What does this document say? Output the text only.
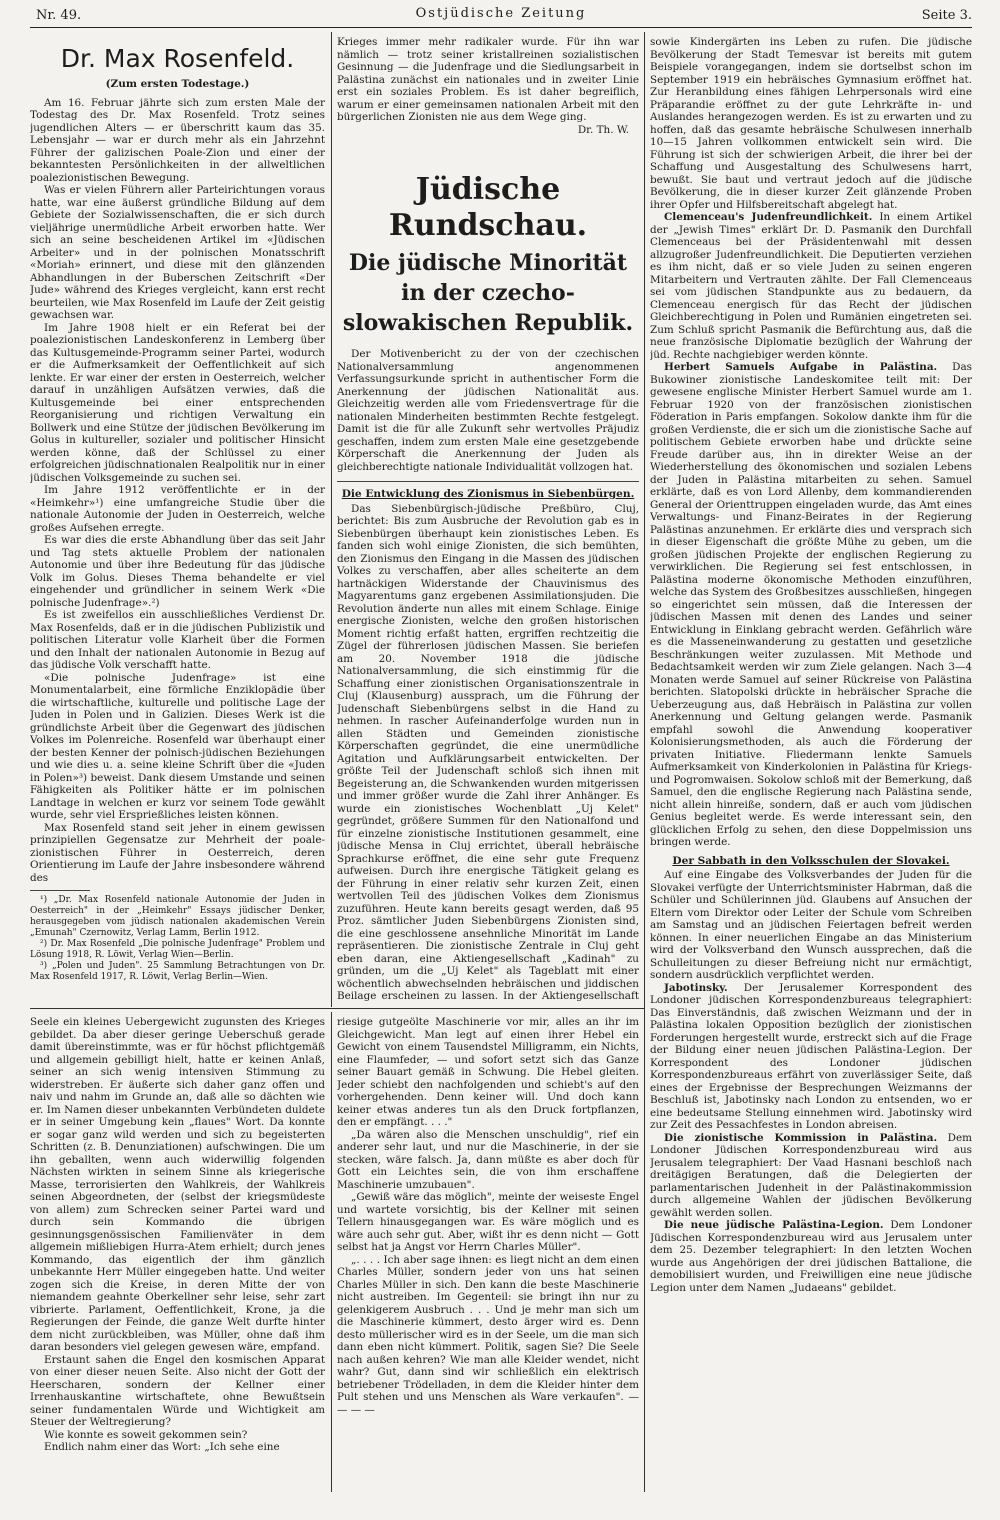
Nr. 49.	Ostjüdische Zeitung	Seite 3.
Dr. Max Rosenfeld.
(Zum ersten Todestage.)

Am 16. Februar jährte sich zum ersten Male der Todestag des Dr. Max Rosenfeld. Trotz seines jugendlichen Alters — er überschritt kaum das 35. Lebensjahr — war er durch mehr als ein Jahrzehnt Führer der galizischen Poale-Zion und einer der bekanntesten Persönlichkeiten in der allweltlichen poalezionistischen Bewegung.

Was er vielen Führern aller Parteirichtungen voraus hatte, war eine äußerst gründliche Bildung auf dem Gebiete der Sozialwissenschaften, die er sich durch vieljährige unermüdliche Arbeit erworben hatte. Wer sich an seine bescheidenen Artikel im «Jüdischen Arbeiter» und in der polnischen Monatsschrift «Moriah» erinnert, und diese mit den glänzenden Abhandlungen in der Buberschen Zeitschrift «Der Jude» während des Krieges vergleicht, kann erst recht beurteilen, wie Max Rosenfeld im Laufe der Zeit geistig gewachsen war.

Im Jahre 1908 hielt er ein Referat bei der poalezionistischen Landeskonferenz in Lemberg über das Kultusgemeinde-Programm seiner Partei, wodurch er die Aufmerksamkeit der Oeffentlichkeit auf sich lenkte. Er war einer der ersten in Oesterreich, welcher darauf in unzähligen Aufsätzen verwies, daß die Kultusgemeinde bei einer entsprechenden Reorganisierung und richtigen Verwaltung ein Bollwerk und eine Stütze der jüdischen Bevölkerung im Golus in kultureller, sozialer und politischer Hinsicht werden könne, daß der Schlüssel zu einer erfolgreichen jüdischnationalen Realpolitik nur in einer jüdischen Volksgemeinde zu suchen sei.

Im Jahre 1912 veröffentlichte er in der «Heimkehr»¹) eine umfangreiche Studie über die nationale Autonomie der Juden in Oesterreich, welche großes Aufsehen erregte.

Es war dies die erste Abhandlung über das seit Jahr und Tag stets aktuelle Problem der nationalen Autonomie und über ihre Bedeutung für das jüdische Volk im Golus. Dieses Thema behandelte er viel eingehender und gründlicher in seinem Werk «Die polnische Judenfrage».²)

Es ist zweifellos ein ausschließliches Verdienst Dr. Max Rosenfelds, daß er in die jüdischen Publizistik und politischen Literatur volle Klarheit über die Formen und den Inhalt der nationalen Autonomie in Bezug auf das jüdische Volk verschafft hatte.

«Die polnische Judenfrage» ist eine Monumentalarbeit, eine förmliche Enziklopädie über die wirtschaftliche, kulturelle und politische Lage der Juden in Polen und in Galizien. Dieses Werk ist die gründlichste Arbeit über die Gegenwart des jüdischen Volkes im Polenreiche. Rosenfeld war überhaupt einer der besten Kenner der polnisch-jüdischen Beziehungen und wie dies u. a. seine kleine Schrift über die «Juden in Polen»³) beweist. Dank diesem Umstande und seinen Fähigkeiten als Politiker hätte er im polnischen Landtage in welchen er kurz vor seinem Tode gewählt wurde, sehr viel Ersprießliches leisten können.

Max Rosenfeld stand seit jeher in einem gewissen prinzipiellen Gegensatze zur Mehrheit der poale-zionistischen Führer in Oesterreich, deren Orientierung im Laufe der Jahre insbesondere während des

¹) „Dr. Max Rosenfeld nationale Autonomie der Juden in Oesterreich" in der „Heimkehr" Essays jüdischer Denker, herausgegeben vom jüdisch nationalen akademischen Verein „Emunah" Czernowitz, Verlag Lamm, Berlin 1912.

²) Dr. Max Rosenfeld „Die polnische Judenfrage" Problem und Lösung 1918, R. Löwit, Verlag Wien—Berlin.

³) „Polen und Juden". 25 Sammlung Betrachtungen von Dr. Max Rosenfeld 1917, R. Löwit, Verlag Berlin—Wien.

Krieges immer mehr radikaler wurde. Für ihn war nämlich — trotz seiner kristallreinen sozialistischen Gesinnung — die Judenfrage und die Siedlungsarbeit in Palästina zunächst ein nationales und in zweiter Linie erst ein soziales Problem. Es ist daher begreiflich, warum er einer gemeinsamen nationalen Arbeit mit den bürgerlichen Zionisten nie aus dem Wege ging.

Dr. Th. W.
Jüdische Rundschau.
Die jüdische Minorität in der czecho-slowakischen Republik.

Der Motivenbericht zu der von der czechischen Nationalversammlung angenommenen Verfassungsurkunde spricht in authentischer Form die Anerkennung der jüdischen Nationalität aus. Gleichzeitig werden alle vom Friedensvertrage für die nationalen Minderheiten bestimmten Rechte festgelegt. Damit ist die für alle Zukunft sehr wertvolles Präjudiz geschaffen, indem zum ersten Male eine gesetzgebende Körperschaft die Anerkennung der Juden als gleichberechtigte nationale Individualität vollzogen hat.

Die Entwicklung des Zionismus in Siebenbürgen.

Das Siebenbürgisch-jüdische Preßbüro, Cluj, berichtet: Bis zum Ausbruche der Revolution gab es in Siebenbürgen überhaupt kein zionistisches Leben. Es fanden sich wohl einige Zionisten, die sich bemühten, den Zionismus den Eingang in die Massen des jüdischen Volkes zu verschaffen, aber alles scheiterte an dem hartnäckigen Widerstande der Chauvinismus des Magyarentums ganz ergebenen Assimilationsjuden. Die Revolution änderte nun alles mit einem Schlage. Einige energische Zionisten, welche den großen historischen Moment richtig erfaßt hatten, ergriffen rechtzeitig die Zügel der führerlosen jüdischen Massen. Sie beriefen am 20. November 1918 die jüdische Nationalversammlung, die sich einstimmig für die Schaffung einer zionistischen Organisationszentrale in Cluj (Klausenburg) aussprach, um die Führung der Judenschaft Siebenbürgens selbst in die Hand zu nehmen. In rascher Aufeinanderfolge wurden nun in allen Städten und Gemeinden zionistische Körperschaften gegründet, die eine unermüdliche Agitation und Aufklärungsarbeit entwickelten. Der größte Teil der Judenschaft schloß sich ihnen mit Begeisterung an, die Schwankenden wurden mitgerissen und immer größer wurde die Zahl ihrer Anhänger. Es wurde ein zionistisches Wochenblatt „Uj Kelet" gegründet, größere Summen für den Nationalfond und für einzelne zionistische Institutionen gesammelt, eine jüdische Mensa in Cluj errichtet, überall hebräische Sprachkurse eröffnet, die eine sehr gute Frequenz aufweisen. Durch ihre energische Tätigkeit gelang es der Führung in einer relativ sehr kurzen Zeit, einen wertvollen Teil des jüdischen Volkes dem Zionismus zuzuführen. Heute kann bereits gesagt werden, daß 95 Proz. sämtlicher Juden Siebenbürgens Zionisten sind, die eine geschlossene ansehnliche Minorität im Lande repräsentieren. Die zionistische Zentrale in Cluj geht eben daran, eine Aktiengesellschaft „Kadinah" zu gründen, um die „Uj Kelet" als Tageblatt mit einer wöchentlich abwechselnden hebräischen und jiddischen Beilage erscheinen zu lassen. In der Aktiengesellschaft

sowie Kindergärten ins Leben zu rufen. Die jüdische Bevölkerung der Stadt Temesvar ist bereits mit gutem Beispiele vorangegangen, indem sie dortselbst schon im September 1919 ein hebräisches Gymnasium eröffnet hat. Zur Heranbildung eines fähigen Lehrpersonals wird eine Präparandie eröffnet zu der gute Lehrkräfte in- und Auslandes herangezogen werden. Es ist zu erwarten und zu hoffen, daß das gesamte hebräische Schulwesen innerhalb 10—15 Jahren vollkommen entwickelt sein wird. Die Führung ist sich der schwierigen Arbeit, die ihrer bei der Schaffung und Ausgestaltung des Schulwesens harrt, bewußt. Sie baut und vertraut jedoch auf die jüdische Bevölkerung, die in dieser kurzer Zeit glänzende Proben ihrer Opfer und Hilfsbereitschaft abgelegt hat.

Clemenceau's Judenfreundlichkeit. In einem Artikel der „Jewish Times" erklärt Dr. D. Pasmanik den Durchfall Clemenceaus bei der Präsidentenwahl mit dessen allzugroßer Judenfreundlichkeit. Die Deputierten verziehen es ihm nicht, daß er so viele Juden zu seinen engeren Mitarbeitern und Vertrauten zählte. Der Fall Clemenceaus sei vom jüdischen Standpunkte aus zu bedauern, da Clemenceau energisch für das Recht der jüdischen Gleichberechtigung in Polen und Rumänien eingetreten sei. Zum Schluß spricht Pasmanik die Befürchtung aus, daß die neue französische Diplomatie bezüglich der Wahrung der jüd. Rechte nachgiebiger werden könnte.

Herbert Samuels Aufgabe in Palästina. Das Bukowiner zionistische Landeskomitee teilt mit: Der gewesene englische Minister Herbert Samuel wurde am 1. Februar 1920 von der französischen zionistischen Föderation in Paris empfangen. Sokolow dankte ihm für die großen Verdienste, die er sich um die zionistische Sache auf politischem Gebiete erworben habe und drückte seine Freude darüber aus, ihn in direkter Weise an der Wiederherstellung des ökonomischen und sozialen Lebens der Juden in Palästina mitarbeiten zu sehen. Samuel erklärte, daß es von Lord Allenby, dem kommandierenden General der Orienttruppen eingeladen wurde, das Amt eines Verwaltungs- und Finanz-Beirates in der Regierung Palästinas anzunehmen. Er erklärte dies und versprach sich in dieser Eigenschaft die größte Mühe zu geben, um die großen jüdischen Projekte der englischen Regierung zu verwirklichen. Die Regierung sei fest entschlossen, in Palästina moderne ökonomische Methoden einzuführen, welche das System des Großbesitzes ausschließen, hingegen so eingerichtet sein müssen, daß die Interessen der jüdischen Massen mit denen des Landes und seiner Entwicklung in Einklang gebracht werden. Gefährlich wäre es die Masseneinwanderung zu gestatten und gesetzliche Beschränkungen weiter zuzulassen. Mit Methode und Bedachtsamkeit werden wir zum Ziele gelangen. Nach 3—4 Monaten werde Samuel auf seiner Rückreise von Palästina berichten. Slatopolski drückte in hebräischer Sprache die Ueberzeugung aus, daß Hebräisch in Palästina zur vollen Anerkennung und Geltung gelangen werde. Pasmanik empfahl sowohl die Anwendung kooperativer Kolonisierungsmethoden, als auch die Förderung der privaten Initiative. Fliedermann lenkte Samuels Aufmerksamkeit von Kinderkolonien in Palästina für Kriegs- und Pogromwaisen. Sokolow schloß mit der Bemerkung, daß Samuel, den die englische Regierung nach Palästina sende, nicht allein hinreiße, sondern, daß er auch vom jüdischen Genius begleitet werde. Es werde interessant sein, den glücklichen Erfolg zu sehen, den diese Doppelmission uns bringen werde.

Der Sabbath in den Volksschulen der Slovakei.

Auf eine Eingabe des Volksverbandes der Juden für die Slovakei verfügte der Unterrichtsminister Habrman, daß die Schüler und Schülerinnen jüd. Glaubens auf Ansuchen der Eltern vom Direktor oder Leiter der Schule vom Schreiben am Samstag und an jüdischen Feiertagen befreit werden können. In einer neuerlichen Eingabe an das Ministerium wird der Volksverband den Wunsch aussprechen, daß die Schulleitungen zu dieser Befreiung nicht nur ermächtigt, sondern ausdrücklich verpflichtet werden.

Jabotinsky. Der Jerusalemer Korrespondent des Londoner jüdischen Korrespondenzbureaus telegraphiert: Das Einverständnis, daß zwischen Weizmann und der in Palästina lokalen Opposition bezüglich der zionistischen Forderungen hergestellt wurde, erstreckt sich auf die Frage der Bildung einer neuen jüdischen Palästina-Legion. Der Korrespondent des Londoner jüdischen Korrespondenzbureaus erfährt von zuverlässiger Seite, daß eines der Ergebnisse der Besprechungen Weizmanns der Beschluß ist, Jabotinsky nach London zu entsenden, wo er eine bedeutsame Stellung einnehmen wird. Jabotinsky wird zur Zeit des Pessachfestes in London abreisen.

Die zionistische Kommission in Palästina. Dem Londoner Jüdischen Korrespondenzbureau wird aus Jerusalem telegraphiert: Der Vaad Hasnani beschloß nach dreitägigen Beratungen, daß die Delegierten der parlamentarischen Judenheit in der Palästinakommission durch allgemeine Wahlen der jüdischen Bevölkerung gewählt werden sollen.

Die neue jüdische Palästina-Legion. Dem Londoner Jüdischen Korrespondenzbureau wird aus Jerusalem unter dem 25. Dezember telegraphiert: In den letzten Wochen wurde aus Angehörigen der drei jüdischen Battalione, die demobilisiert wurden, und Freiwilligen eine neue jüdische Legion unter dem Namen „Judaeans" gebildet.

Seele ein kleines Uebergewicht zugunsten des Krieges gebildet. Da aber dieser geringe Ueberschuß gerade damit übereinstimmte, was er für höchst pflichtgemäß und allgemein gebilligt hielt, hatte er keinen Anlaß, seiner an sich wenig intensiven Stimmung zu widerstreben. Er äußerte sich daher ganz offen und naiv und nahm im Grunde an, daß alle so dächten wie er. Im Namen dieser unbekannten Verbündeten duldete er in seiner Umgebung kein „flaues" Wort. Da konnte er sogar ganz wild werden und sich zu begeisterten Schritten (z. B. Denunziationen) aufschwingen. Die um ihn geballten, wenn auch widerwillig folgenden Nächsten wirkten in seinem Sinne als kriegerische Masse, terrorisierten den Wahlkreis, der Wahlkreis seinen Abgeordneten, der (selbst der kriegsmüdeste von allem) zum Schrecken seiner Partei ward und durch sein Kommando die übrigen gesinnungsgenössischen Familienväter in dem allgemein mißliebigen Hurra-Atem erhielt; durch jenes Kommando, das eigentlich der ihm gänzlich unbekannte Herr Müller eingegeben hatte. Und weiter zogen sich die Kreise, in deren Mitte der von niemandem geahnte Oberkellner sehr leise, sehr zart vibrierte. Parlament, Oeffentlichkeit, Krone, ja die Regierungen der Feinde, die ganze Welt durfte hinter dem nicht zurückbleiben, was Müller, ohne daß ihm daran besonders viel gelegen gewesen wäre, empfand.

Erstaunt sahen die Engel den kosmischen Apparat von einer dieser neuen Seite. Also nicht der Gott der Heerscharen, sondern der Kellner einer Irrenhauskantine wirtschaftete, ohne Bewußtsein seiner fundamentalen Würde und Wichtigkeit am Steuer der Weltregierung?

Wie konnte es soweit gekommen sein?

Endlich nahm einer das Wort: „Ich sehe eine

riesige gutgeölte Maschinerie vor mir, alles an ihr im Gleichgewicht. Man legt auf einen ihrer Hebel ein Gewicht von einem Tausendstel Milligramm, ein Nichts, eine Flaumfeder, — und sofort setzt sich das Ganze seiner Bauart gemäß in Schwung. Die Hebel gleiten. Jeder schiebt den nachfolgenden und schiebt's auf den vorhergehenden. Denn keiner will. Und doch kann keiner etwas anderes tun als den Druck fortpflanzen, den er empfängt. . . ."

„Da wären also die Menschen unschuldig", rief ein anderer sehr laut, und nur die Maschinerie, in der sie stecken, wäre falsch. Ja, dann müßte es aber doch für Gott ein Leichtes sein, die von ihm erschaffene Maschinerie umzubauen".

„Gewiß wäre das möglich", meinte der weiseste Engel und wartete vorsichtig, bis der Kellner mit seinen Tellern hinausgegangen war. Es wäre möglich und es wäre auch sehr gut. Aber, wißt ihr es denn nicht — Gott selbst hat ja Angst vor Herrn Charles Müller".

„. . . . Ich aber sage ihnen: es liegt nicht an dem einen Charles Müller, sondern jeder von uns hat seinen Charles Müller in sich. Den kann die beste Maschinerie nicht austreiben. Im Gegenteil: sie bringt ihn nur zu gelenkigerem Ausbruch . . . Und je mehr man sich um die Maschinerie kümmert, desto ärger wird es. Denn desto müllerischer wird es in der Seele, um die man sich dann eben nicht kümmert. Politik, sagen Sie? Die Seele nach außen kehren? Wie man alle Kleider wendet, nicht wahr? Gut, dann sind wir schließlich ein elektrisch betriebener Trödelladen, in dem die Kleider hinter dem Pult stehen und uns Menschen als Ware verkaufen". — — — —
